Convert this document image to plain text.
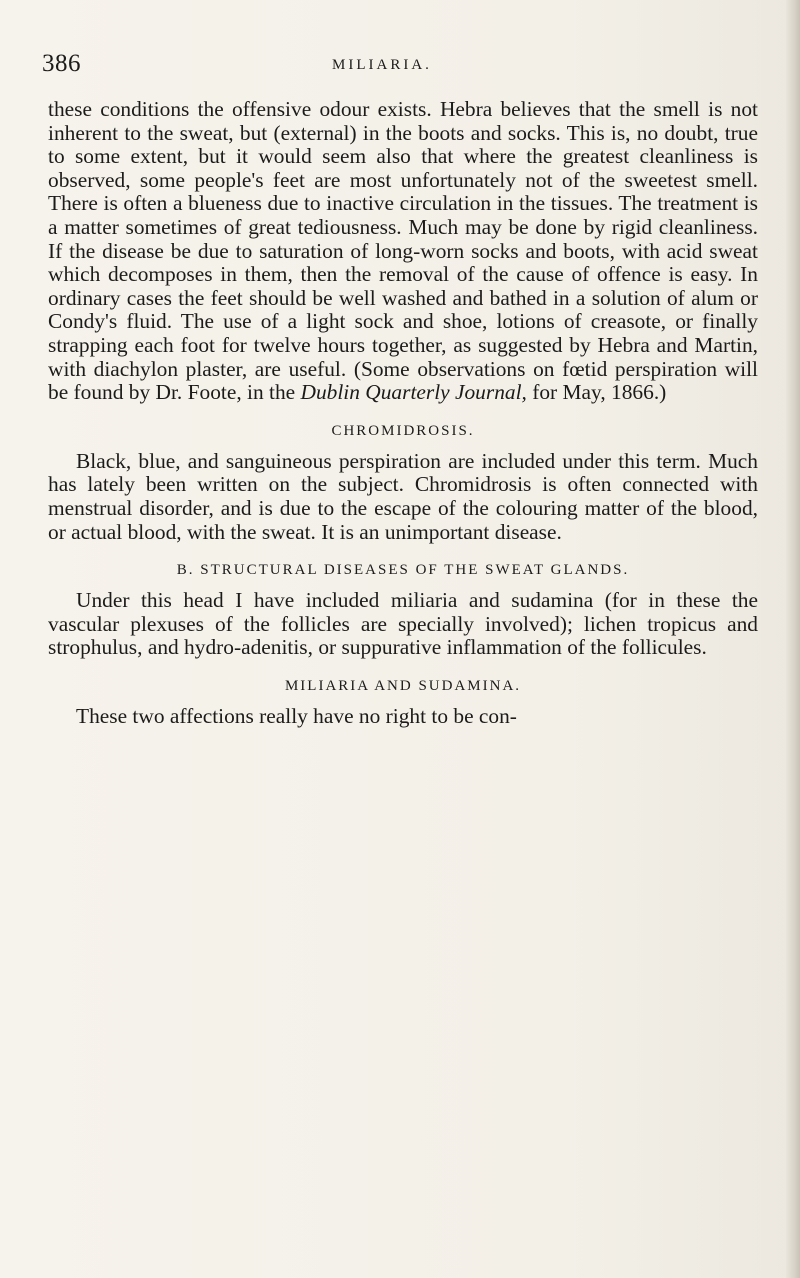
386	MILIARIA.

these conditions the offensive odour exists. Hebra believes that the smell is not inherent to the sweat, but (external) in the boots and socks. This is, no doubt, true to some extent, but it would seem also that where the greatest cleanliness is observed, some people's feet are most unfortunately not of the sweetest smell. There is often a blueness due to inactive circulation in the tissues. The treatment is a matter sometimes of great tediousness. Much may be done by rigid cleanliness. If the disease be due to saturation of long-worn socks and boots, with acid sweat which decomposes in them, then the removal of the cause of offence is easy. In ordinary cases the feet should be well washed and bathed in a solution of alum or Condy's fluid. The use of a light sock and shoe, lotions of creasote, or finally strapping each foot for twelve hours together, as suggested by Hebra and Martin, with diachylon plaster, are useful. (Some observations on fœtid perspiration will be found by Dr. Foote, in the Dublin Quarterly Journal, for May, 1866.)

CHROMIDROSIS.

Black, blue, and sanguineous perspiration are included under this term. Much has lately been written on the subject. Chromidrosis is often connected with menstrual disorder, and is due to the escape of the colouring matter of the blood, or actual blood, with the sweat. It is an unimportant disease.

B. STRUCTURAL DISEASES OF THE SWEAT GLANDS.

Under this head I have included miliaria and sudamina (for in these the vascular plexuses of the follicles are specially involved); lichen tropicus and strophulus, and hydro-adenitis, or suppurative inflammation of the follicules.

MILIARIA AND SUDAMINA.

These two affections really have no right to be con-
